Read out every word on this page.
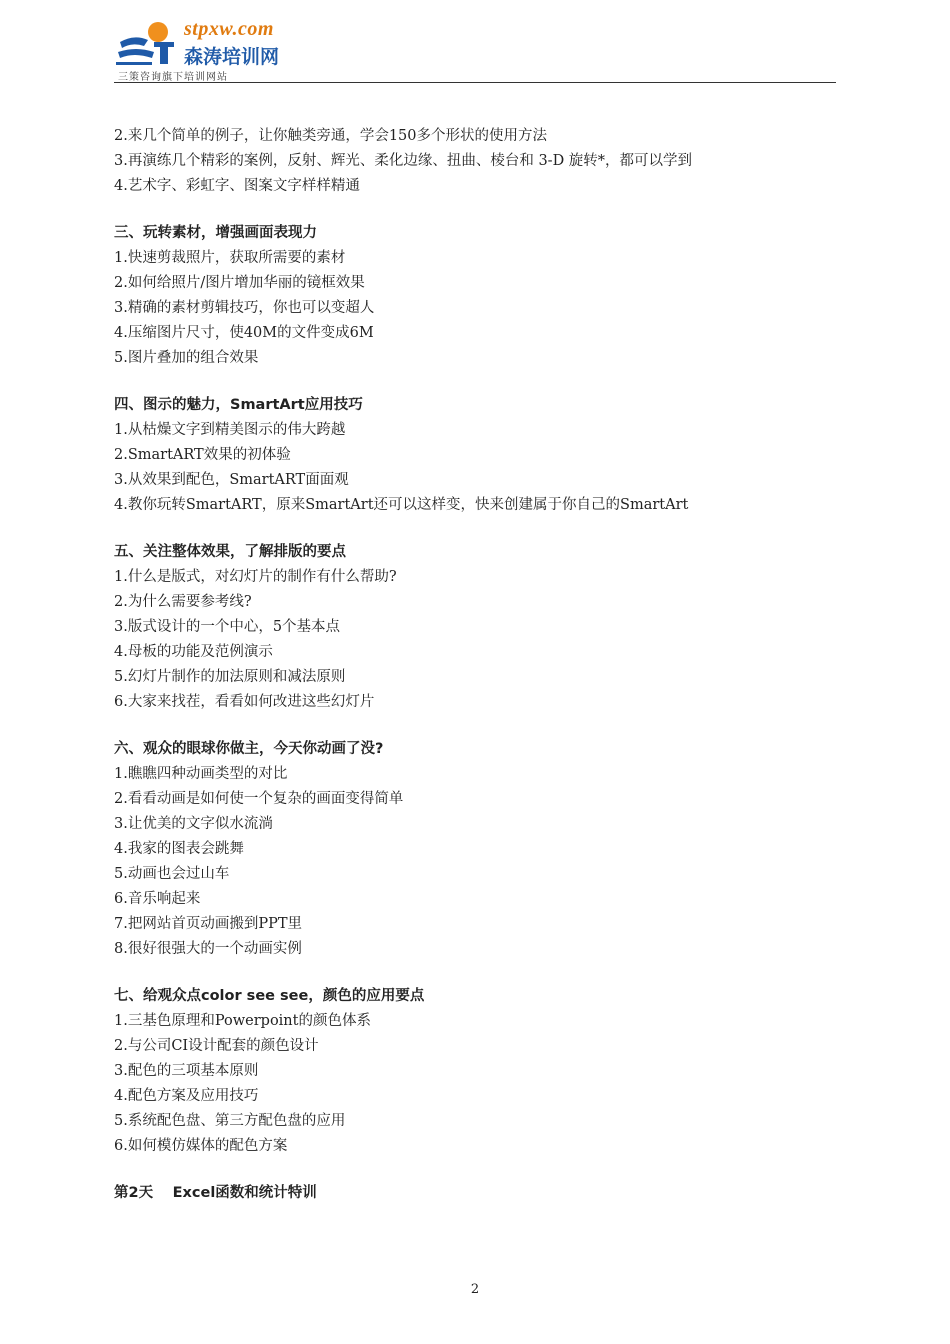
stpxw.com
森涛培训网
三策咨询旗下培训网站
2.来几个简单的例子，让你触类旁通，学会150多个形状的使用方法
3.再演练几个精彩的案例，反射、辉光、柔化边缘、扭曲、棱台和 3-D 旋转*，都可以学到
4.艺术字、彩虹字、图案文字样样精通
三、玩转素材，增强画面表现力
1.快速剪裁照片，获取所需要的素材
2.如何给照片/图片增加华丽的镜框效果
3.精确的素材剪辑技巧，你也可以变超人
4.压缩图片尺寸，使40M的文件变成6M
5.图片叠加的组合效果
四、图示的魅力，SmartArt应用技巧
1.从枯燥文字到精美图示的伟大跨越
2.SmartART效果的初体验
3.从效果到配色，SmartART面面观
4.教你玩转SmartART，原来SmartArt还可以这样变，快来创建属于你自己的SmartArt
五、关注整体效果，了解排版的要点
1.什么是版式，对幻灯片的制作有什么帮助?
2.为什么需要参考线?
3.版式设计的一个中心，5个基本点
4.母板的功能及范例演示
5.幻灯片制作的加法原则和减法原则
6.大家来找茬，看看如何改进这些幻灯片
六、观众的眼球你做主，今天你动画了没?
1.瞧瞧四种动画类型的对比
2.看看动画是如何使一个复杂的画面变得简单
3.让优美的文字似水流淌
4.我家的图表会跳舞
5.动画也会过山车
6.音乐响起来
7.把网站首页动画搬到PPT里
8.很好很强大的一个动画实例
七、给观众点color see see，颜色的应用要点
1.三基色原理和Powerpoint的颜色体系
2.与公司CI设计配套的颜色设计
3.配色的三项基本原则
4.配色方案及应用技巧
5.系统配色盘、第三方配色盘的应用
6.如何模仿媒体的配色方案
第2天　 Excel函数和统计特训
2
